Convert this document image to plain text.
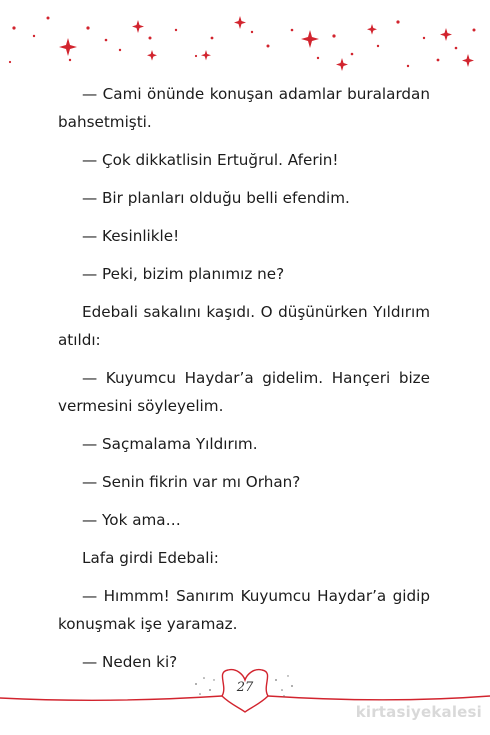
— Cami önünde konuşan adamlar buralardan bahsetmişti.

— Çok dikkatlisin Ertuğrul. Aferin!

— Bir planları olduğu belli efendim.

— Kesinlikle!

— Peki, bizim planımız ne?

Edebali sakalını kaşıdı. O düşünürken Yıldırım atıldı:

— Kuyumcu Haydar’a gidelim. Hançeri bize vermesini söyleyelim.

— Saçmalama Yıldırım.

— Senin fikrin var mı Orhan?

— Yok ama…

Lafa girdi Edebali:

— Hımmm! Sanırım Kuyumcu Haydar’a gidip konuşmak işe yaramaz.

— Neden ki?

27
kirtasiyekalesi
